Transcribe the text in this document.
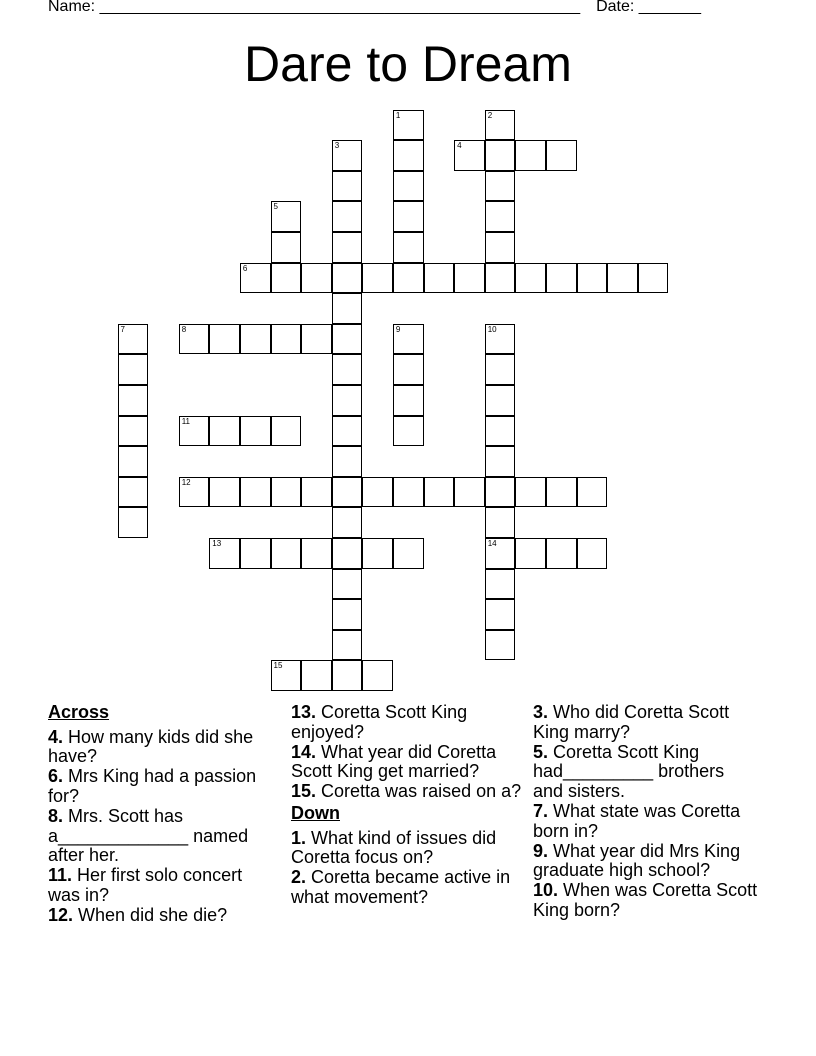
Name: ______________________________________________________ Date: _______
Dare to Dream
1	2
3	4
5
6
7	8	9	10
14
11
12
13
15
Across
4. How many kids did she have?
6. Mrs King had a passion for?
8. Mrs. Scott has a_____________ named after her.
11. Her first solo concert was in?
12. When did she die?
13. Coretta Scott King enjoyed?
14. What year did Coretta Scott King get married?
15. Coretta was raised on a?
Down
1. What kind of issues did Coretta focus on?
2. Coretta became active in what movement?
3. Who did Coretta Scott King marry?
5. Coretta Scott King had_________ brothers and sisters.
7. What state was Coretta born in?
9. What year did Mrs King graduate high school?
10. When was Coretta Scott King born?
